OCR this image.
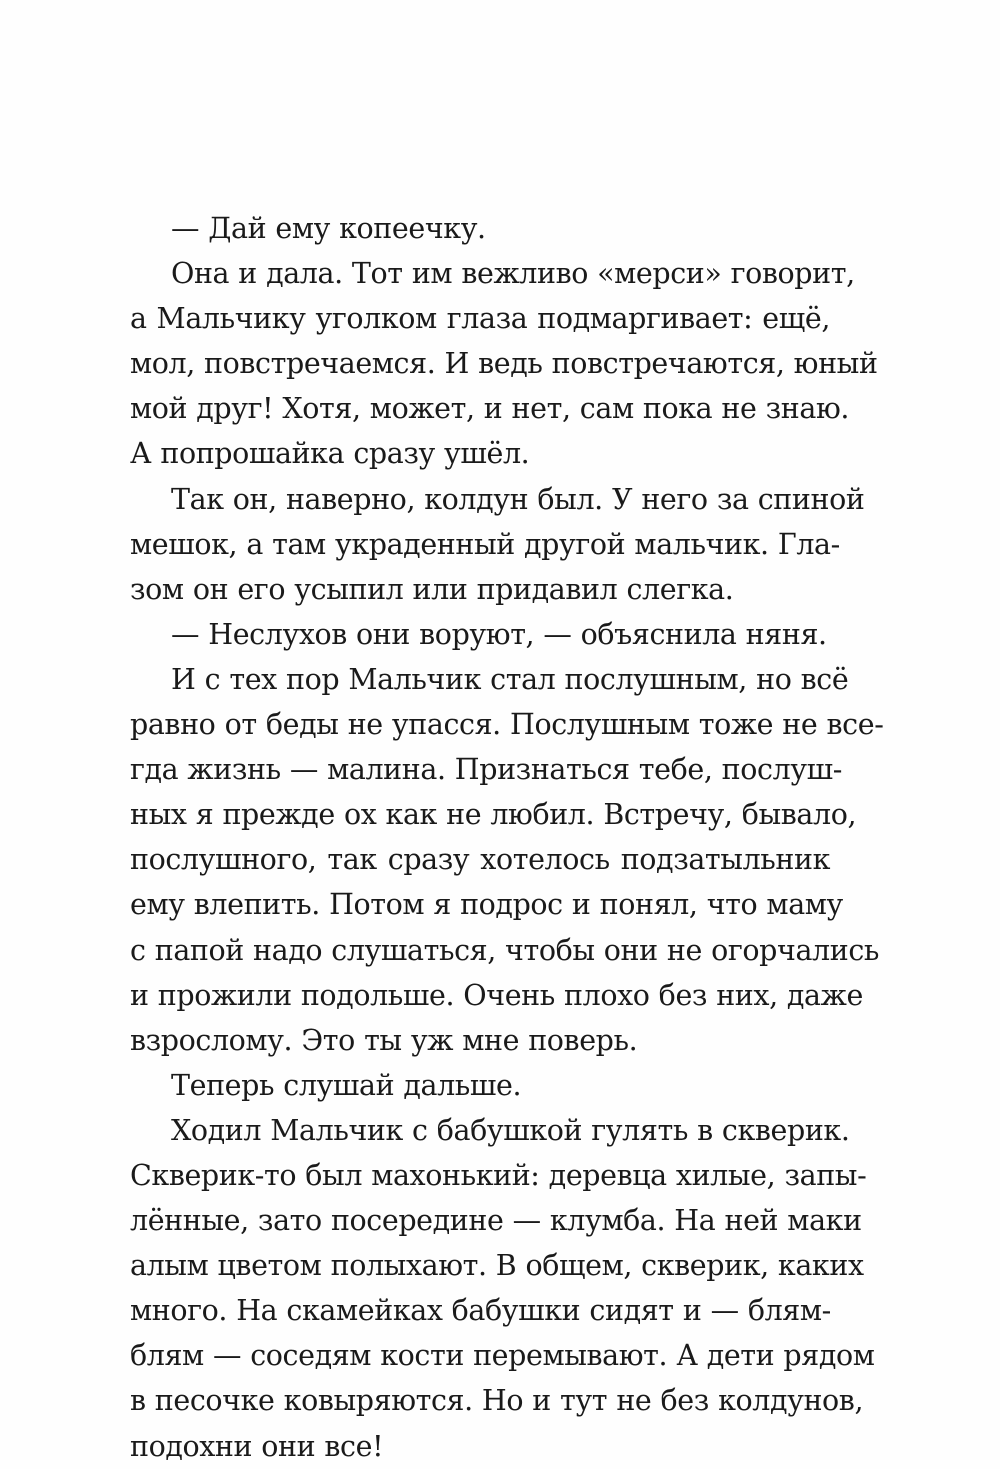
— Дай ему копеечку.
Она и дала. Тот им вежливо «мерси» говорит,
а Мальчику уголком глаза подмаргивает: ещё,
мол, повстречаемся. И ведь повстречаются, юный
мой друг! Хотя, может, и нет, сам пока не знаю.
А попрошайка сразу ушёл.
Так он, наверно, колдун был. У него за спиной
мешок, а там украденный другой мальчик. Гла-
зом он его усыпил или придавил слегка.
— Неслухов они воруют, — объяснила няня.
И с тех пор Мальчик стал послушным, но всё
равно от беды не упасся. Послушным тоже не все-
гда жизнь — малина. Признаться тебе, послуш-
ных я прежде ох как не любил. Встречу, бывало,
послушного, так сразу хотелось подзатыльник
ему влепить. Потом я подрос и понял, что маму
с папой надо слушаться, чтобы они не огорчались
и прожили подольше. Очень плохо без них, даже
взрослому. Это ты уж мне поверь.
Теперь слушай дальше.
Ходил Мальчик с бабушкой гулять в скверик.
Скверик-то был махонький: деревца хилые, запы-
лённые, зато посередине — клумба. На ней маки
алым цветом полыхают. В общем, скверик, каких
много. На скамейках бабушки сидят и — блям-
блям — соседям кости перемывают. А дети рядом
в песочке ковыряются. Но и тут не без колдунов,
подохни они все!
